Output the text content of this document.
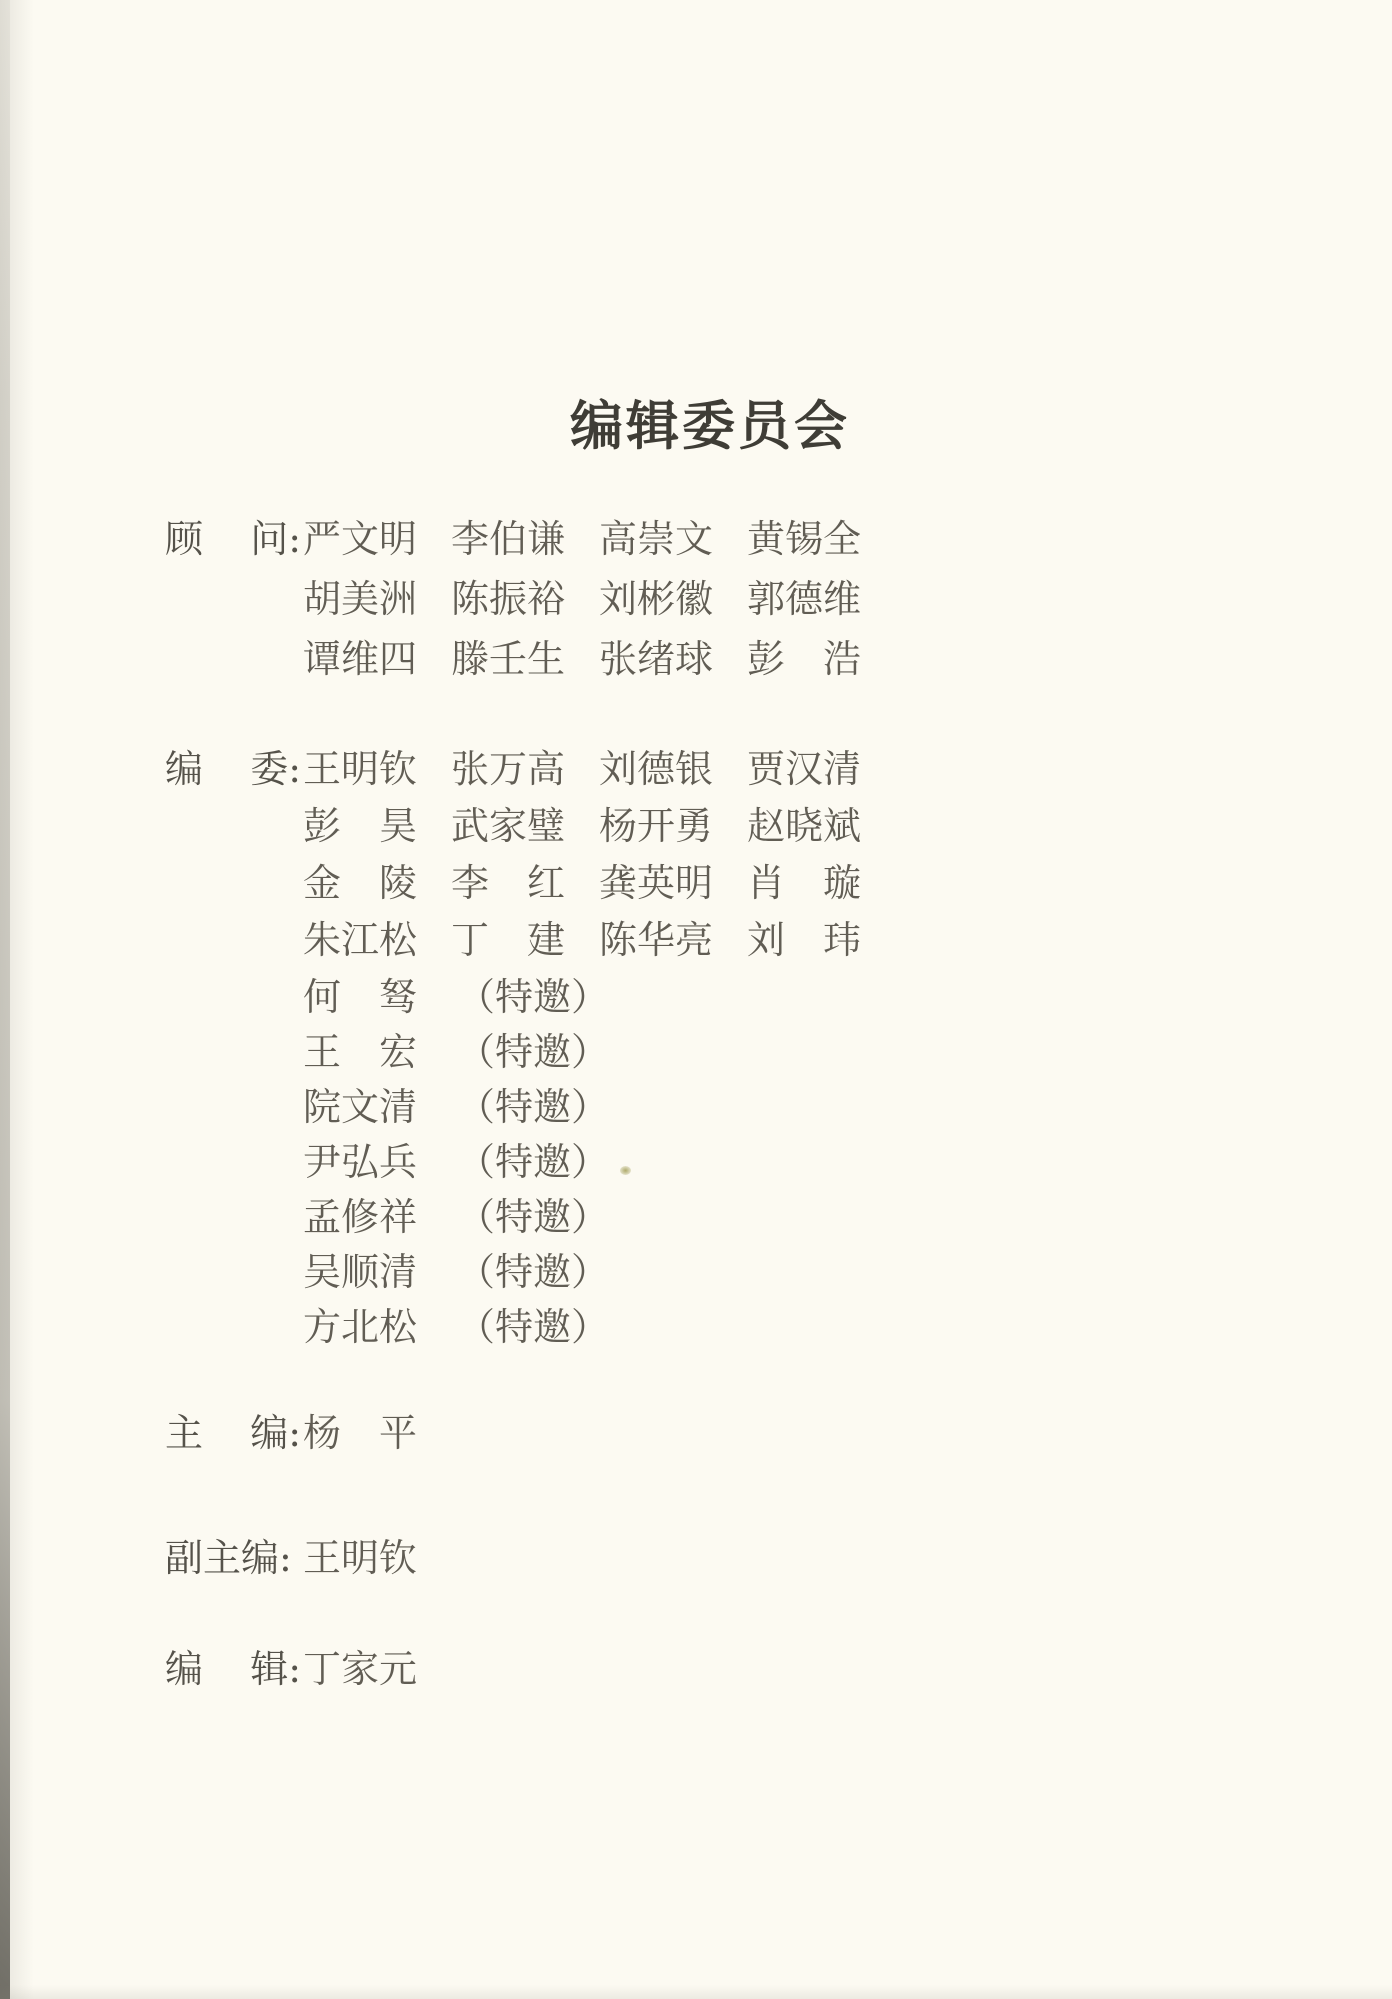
编辑委员会
顾 问: 严文明 李伯谦 高崇文 黄锡全
胡美洲 陈振裕 刘彬徽 郭德维
谭维四 滕壬生 张绪球 彭　浩
编 委: 王明钦 张万高 刘德银 贾汉清
彭　昊 武家璧 杨开勇 赵晓斌
金　陵 李　红 龚英明 肖　璇
朱江松 丁　建 陈华亮 刘　玮
何　驽 （特邀）
王　宏 （特邀）
院文清 （特邀）
尹弘兵 （特邀）
孟修祥 （特邀）
吴顺清 （特邀）
方北松 （特邀）
主 编: 杨　平
副主编: 王明钦
编 辑: 丁家元
